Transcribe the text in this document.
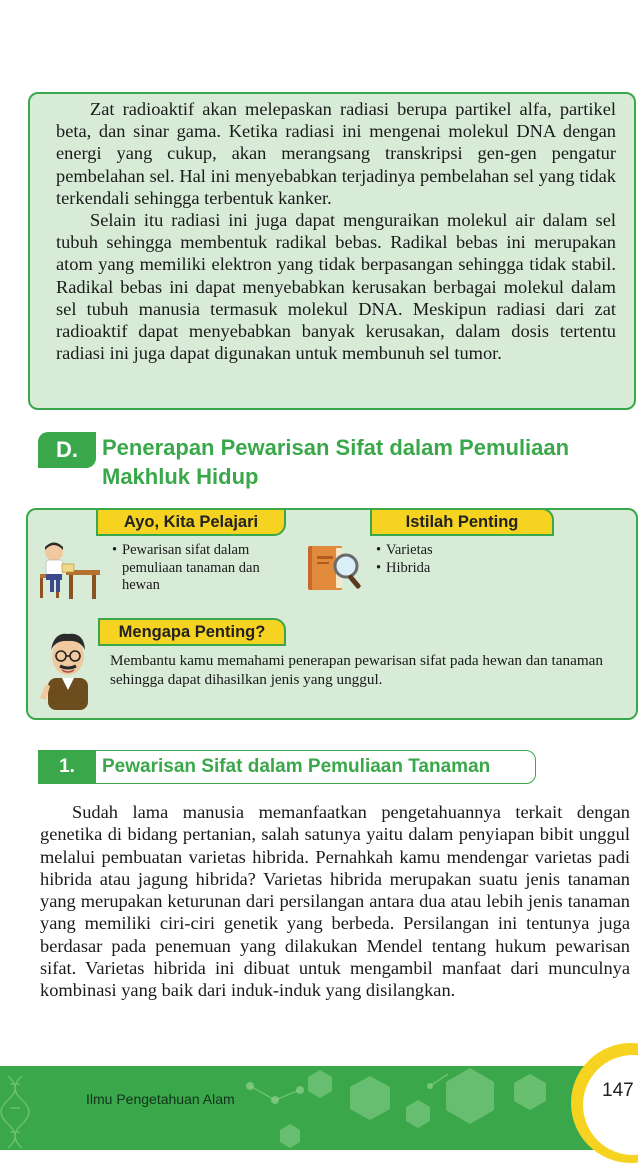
Zat radioaktif akan melepaskan radiasi berupa partikel alfa, partikel beta, dan sinar gama. Ketika radiasi ini mengenai molekul DNA dengan energi yang cukup, akan merangsang transkripsi gen-gen pengatur pembelahan sel. Hal ini menyebabkan terjadinya pembelahan sel yang tidak terkendali sehingga terbentuk kanker.

Selain itu radiasi ini juga dapat menguraikan molekul air dalam sel tubuh sehingga membentuk radikal bebas. Radikal bebas ini merupakan atom yang memiliki elektron yang tidak berpasangan sehingga tidak stabil. Radikal bebas ini dapat menyebabkan kerusakan berbagai molekul dalam sel tubuh manusia termasuk molekul DNA. Meskipun radiasi dari zat radioaktif dapat menyebabkan banyak kerusakan, dalam dosis tertentu radiasi ini juga dapat digunakan untuk membunuh sel tumor.

D.	Penerapan Pewarisan Sifat dalam Pemuliaan
Makhluk Hidup
Ayo, Kita Pelajari	Istilah Penting
Mengapa Penting?
• Pewarisan sifat dalam pemuliaan tanaman dan hewan
• Varietas
• Hibrida
Membantu kamu memahami penerapan pewarisan sifat pada hewan dan tanaman sehingga dapat dihasilkan jenis yang unggul.
1.	Pewarisan Sifat dalam Pemuliaan Tanaman

Sudah lama manusia memanfaatkan pengetahuannya terkait dengan genetika di bidang pertanian, salah satunya yaitu dalam penyiapan bibit unggul melalui pembuatan varietas hibrida. Pernahkah kamu mendengar varietas padi hibrida atau jagung hibrida? Varietas hibrida merupakan suatu jenis tanaman yang merupakan keturunan dari persilangan antara dua atau lebih jenis tanaman yang memiliki ciri-ciri genetik yang berbeda. Persilangan ini tentunya juga berdasar pada penemuan yang dilakukan Mendel tentang hukum pewarisan sifat. Varietas hibrida ini dibuat untuk mengambil manfaat dari munculnya kombinasi yang baik dari induk-induk yang disilangkan.

Ilmu Pengetahuan Alam	147
